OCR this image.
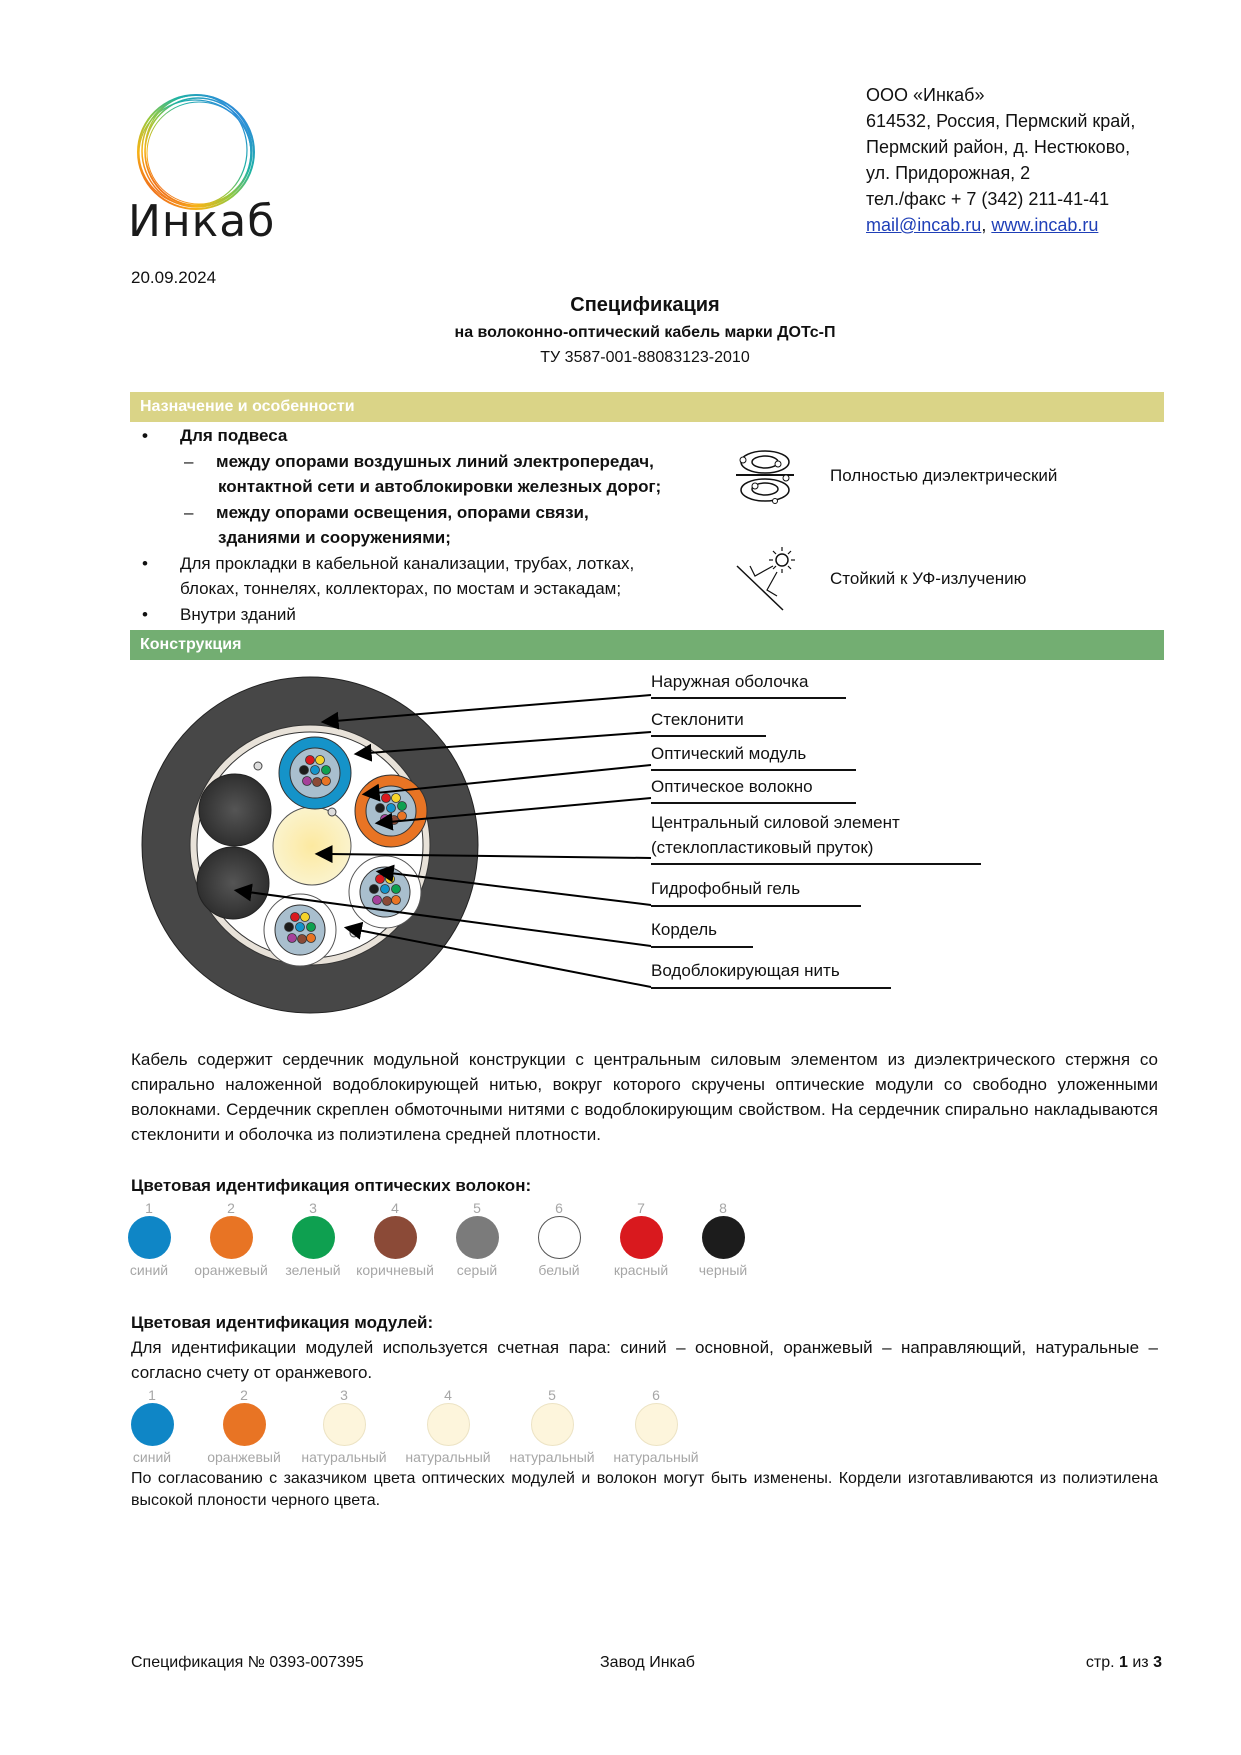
Инкаб
ООО «Инкаб»
614532, Россия, Пермский край,
Пермский район, д. Нестюково,
ул. Придорожная, 2
тел./факс + 7 (342) 211-41-41
mail@incab.ru, www.incab.ru
20.09.2024
Спецификация
на волоконно-оптический кабель марки ДОТс-П
ТУ 3587-001-88083123-2010
Назначение и особенности
• Для подвеса
– между опорами воздушных линий электропередач,
контактной сети и автоблокировки железных дорог;
– между опорами освещения, опорами связи,
зданиями и сооружениями;
• Для прокладки в кабельной канализации, трубах, лотках,
блоках, тоннелях, коллекторах, по мостам и эстакадам;
• Внутри зданий
Полностью диэлектрический
Стойкий к УФ-излучению
Конструкция
Наружная оболочка
Стеклонити
Оптический модуль
Оптическое волокно
Центральный силовой элемент
(стеклопластиковый пруток)
Гидрофобный гель
Кордель
Водоблокирующая нить
Кабель содержит сердечник модульной конструкции с центральным силовым элементом из диэлектрического стержня со спирально наложенной водоблокирующей нитью, вокруг которого скручены оптические модули со свободно уложенными волокнами. Сердечник скреплен обмоточными нитями с водоблокирующим свойством. На сердечник спирально накладываются стеклонити и оболочка из полиэтилена средней плотности.
Цветовая идентификация оптических волокон:
1
синий
2
оранжевый
3
зеленый
4
коричневый
5
серый
6
белый
7
красный
8
черный
Цветовая идентификация модулей:
Для идентификации модулей используется счетная пара: синий – основной, оранжевый – направляющий, натуральные – согласно счету от оранжевого.
1
синий
2
оранжевый
3
натуральный
4
натуральный
5
натуральный
6
натуральный
По согласованию с заказчиком цвета оптических модулей и волокон могут быть изменены. Кордели изготавливаются из полиэтилена высокой плоности черного цвета.
Спецификация № 0393-007395	Завод Инкаб	стр. 1 из 3
